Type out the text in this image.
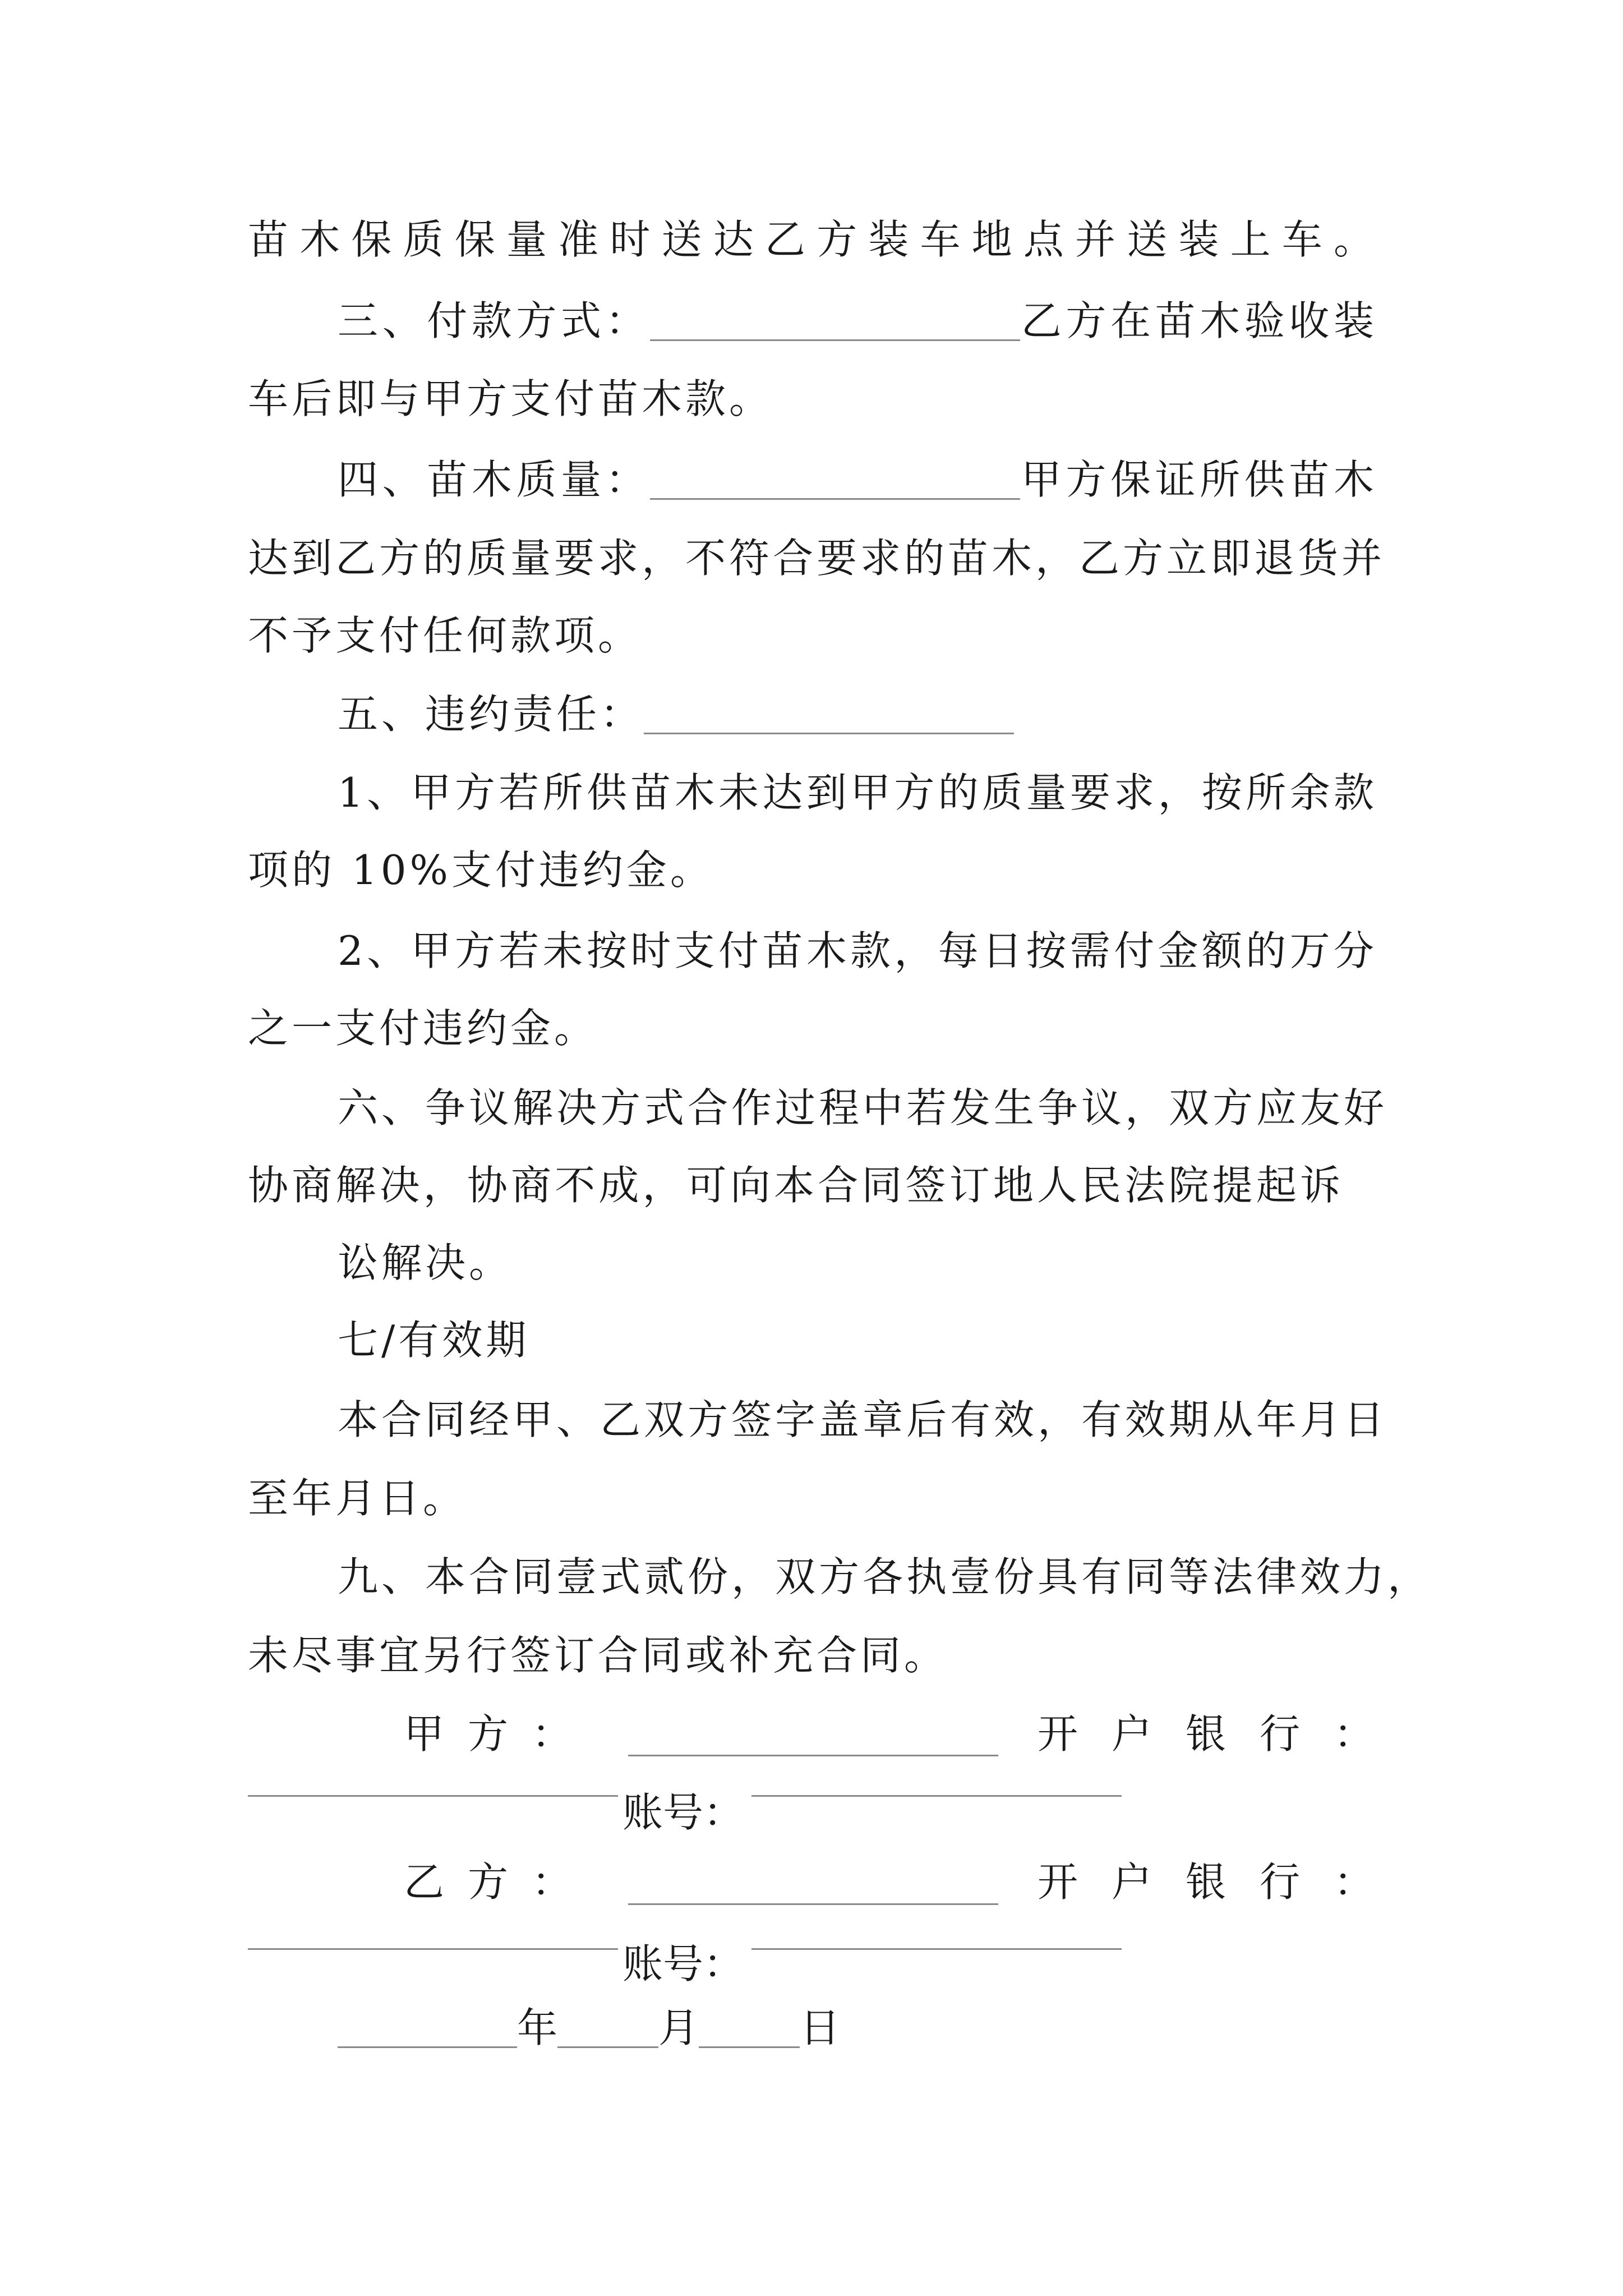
苗木保质保量准时送达乙方装车地点并送装上车。
三、付款方式：	乙方在苗木验收装
车后即与甲方支付苗木款。
四、苗木质量：	甲方保证所供苗木
达到乙方的质量要求，不符合要求的苗木，乙方立即退货并
不予支付任何款项。
五、违约责任：
1、甲方若所供苗木未达到甲方的质量要求，按所余款
项的 10%支付违约金。
2、甲方若未按时支付苗木款，每日按需付金额的万分
之一支付违约金。
六、争议解决方式合作过程中若发生争议，双方应友好
协商解决，协商不成，可向本合同签订地人民法院提起诉
讼解决。
七/有效期
本合同经甲、乙双方签字盖章后有效，有效期从年月日
至年月日。
九、本合同壹式贰份，双方各执壹份具有同等法律效力，
未尽事宜另行签订合同或补充合同。
甲 方 ：	开 户 银 行 ：
账号：
乙 方 ：	开 户 银 行 ：
账号：
年	月	日
